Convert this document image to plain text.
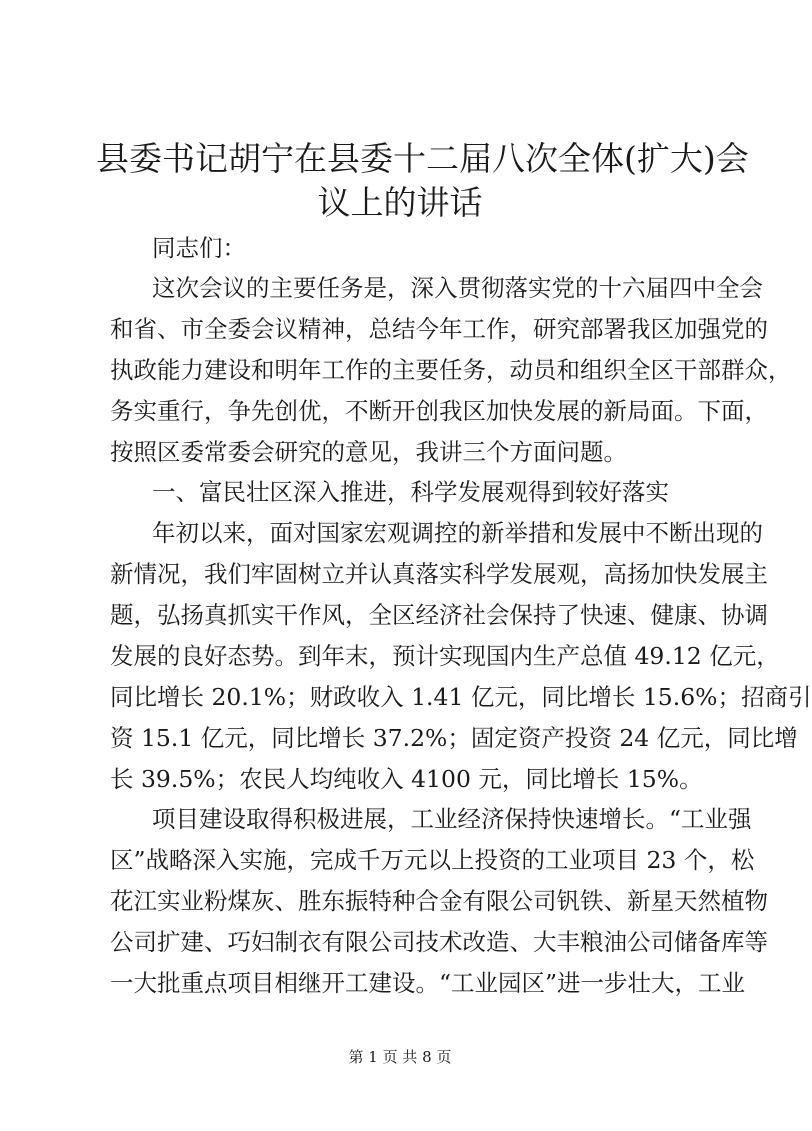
县委书记胡宁在县委十二届八次全体(扩大)会
议上的讲话
同志们：
这次会议的主要任务是，深入贯彻落实党的十六届四中全会
和省、市全委会议精神，总结今年工作，研究部署我区加强党的
执政能力建设和明年工作的主要任务，动员和组织全区干部群众，
务实重行，争先创优，不断开创我区加快发展的新局面。下面，
按照区委常委会研究的意见，我讲三个方面问题。
一、富民壮区深入推进，科学发展观得到较好落实
年初以来，面对国家宏观调控的新举措和发展中不断出现的
新情况，我们牢固树立并认真落实科学发展观，高扬加快发展主
题，弘扬真抓实干作风，全区经济社会保持了快速、健康、协调
发展的良好态势。到年末，预计实现国内生产总值 49.12 亿元，
同比增长 20.1%；财政收入 1.41 亿元，同比增长 15.6%；招商引
资 15.1 亿元，同比增长 37.2%；固定资产投资 24 亿元，同比增
长 39.5%；农民人均纯收入 4100 元，同比增长 15%。
项目建设取得积极进展，工业经济保持快速增长。“工业强
区”战略深入实施，完成千万元以上投资的工业项目 23 个，松
花江实业粉煤灰、胜东振特种合金有限公司钒铁、新星天然植物
公司扩建、巧妇制衣有限公司技术改造、大丰粮油公司储备库等
一大批重点项目相继开工建设。“工业园区”进一步壮大，工业
第 1 页 共 8 页
